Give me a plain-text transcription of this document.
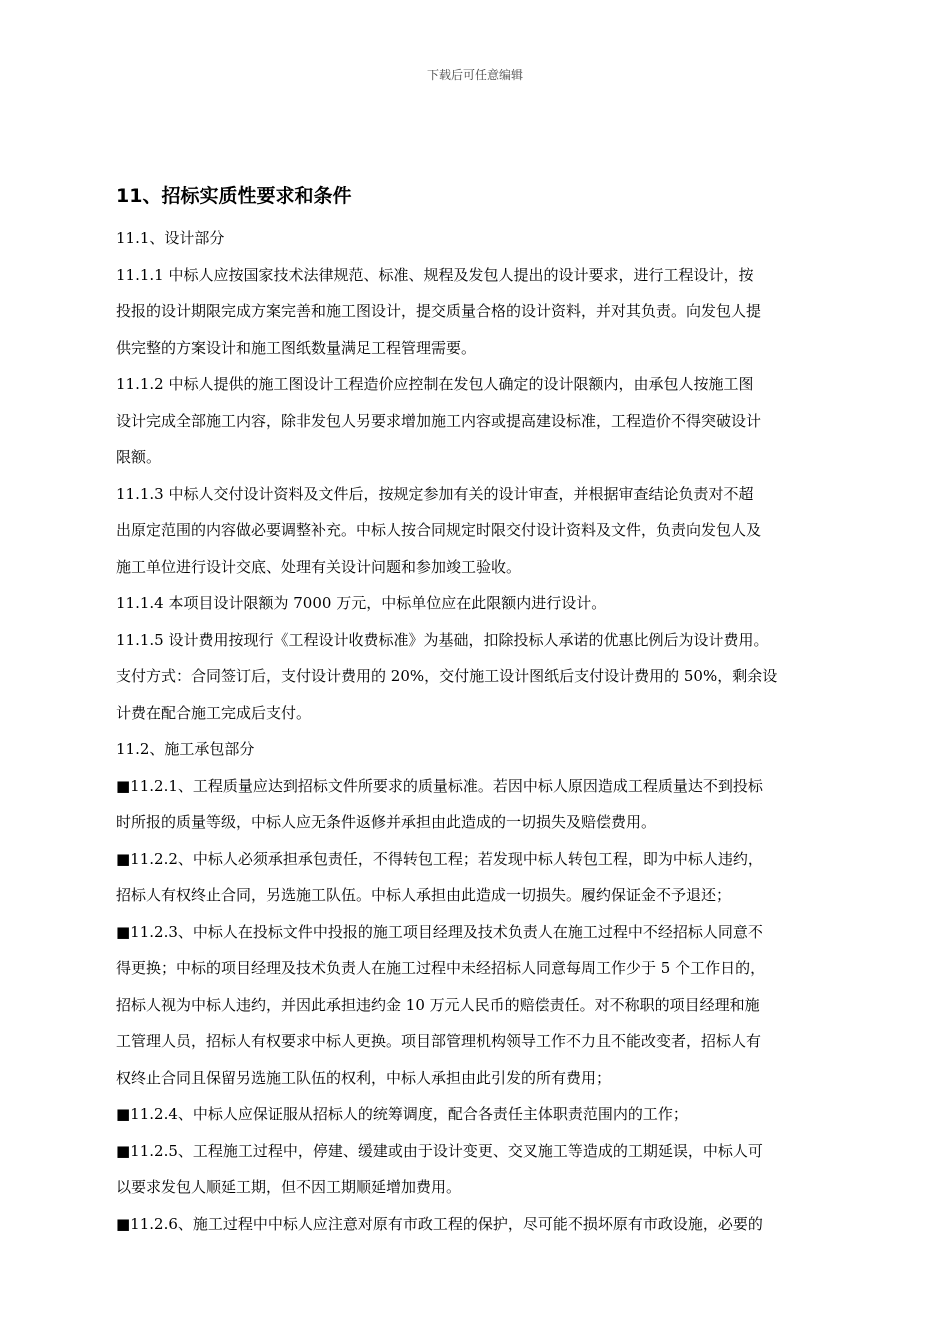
下载后可任意编辑
11、招标实质性要求和条件

11.1、设计部分

11.1.1 中标人应按国家技术法律规范、标准、规程及发包人提出的设计要求，进行工程设计，按
投报的设计期限完成方案完善和施工图设计，提交质量合格的设计资料，并对其负责。向发包人提
供完整的方案设计和施工图纸数量满足工程管理需要。

11.1.2 中标人提供的施工图设计工程造价应控制在发包人确定的设计限额内，由承包人按施工图
设计完成全部施工内容，除非发包人另要求增加施工内容或提高建设标准，工程造价不得突破设计
限额。

11.1.3 中标人交付设计资料及文件后，按规定参加有关的设计审查，并根据审查结论负责对不超
出原定范围的内容做必要调整补充。中标人按合同规定时限交付设计资料及文件，负责向发包人及
施工单位进行设计交底、处理有关设计问题和参加竣工验收。

11.1.4 本项目设计限额为 7000 万元，中标单位应在此限额内进行设计。

11.1.5 设计费用按现行《工程设计收费标准》为基础，扣除投标人承诺的优惠比例后为设计费用。
支付方式：合同签订后，支付设计费用的 20%，交付施工设计图纸后支付设计费用的 50%，剩余设
计费在配合施工完成后支付。

11.2、施工承包部分

■11.2.1、工程质量应达到招标文件所要求的质量标准。若因中标人原因造成工程质量达不到投标
时所报的质量等级，中标人应无条件返修并承担由此造成的一切损失及赔偿费用。

■11.2.2、中标人必须承担承包责任，不得转包工程；若发现中标人转包工程，即为中标人违约，
招标人有权终止合同，另选施工队伍。中标人承担由此造成一切损失。履约保证金不予退还；

■11.2.3、中标人在投标文件中投报的施工项目经理及技术负责人在施工过程中不经招标人同意不
得更换；中标的项目经理及技术负责人在施工过程中未经招标人同意每周工作少于 5 个工作日的，
招标人视为中标人违约，并因此承担违约金 10 万元人民币的赔偿责任。对不称职的项目经理和施
工管理人员，招标人有权要求中标人更换。项目部管理机构领导工作不力且不能改变者，招标人有
权终止合同且保留另选施工队伍的权利，中标人承担由此引发的所有费用；

■11.2.4、中标人应保证服从招标人的统筹调度，配合各责任主体职责范围内的工作；

■11.2.5、工程施工过程中，停建、缓建或由于设计变更、交叉施工等造成的工期延误，中标人可
以要求发包人顺延工期，但不因工期顺延增加费用。

■11.2.6、施工过程中中标人应注意对原有市政工程的保护，尽可能不损坏原有市政设施，必要的
